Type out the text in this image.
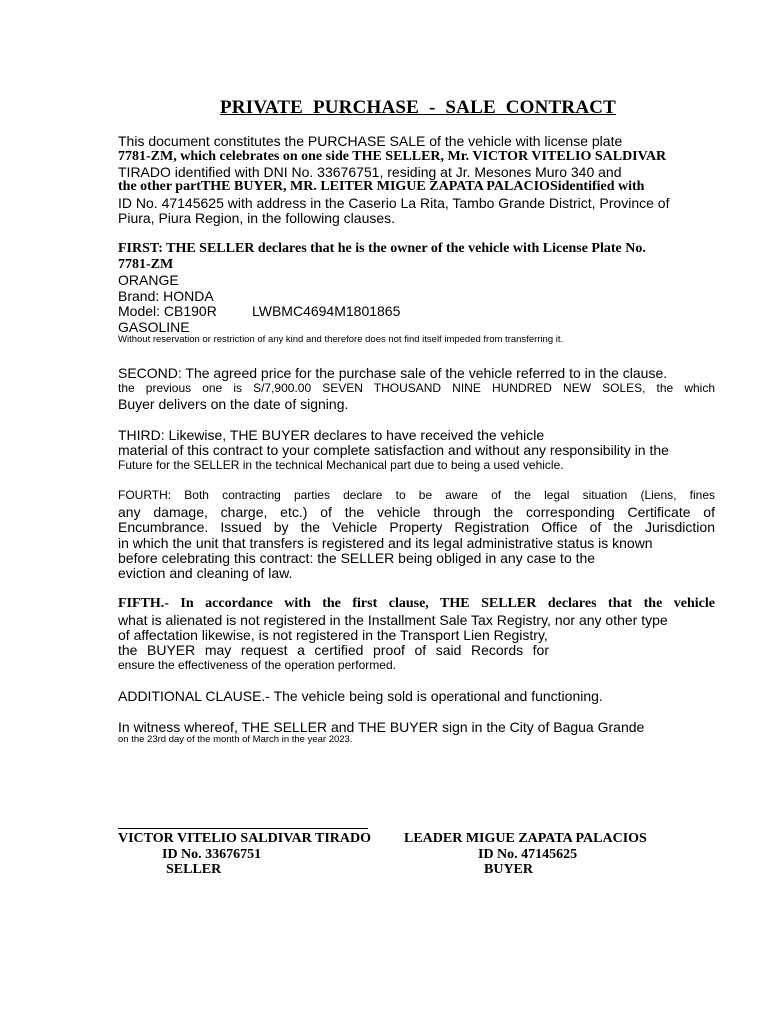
PRIVATE  PURCHASE  -  SALE  CONTRACT
This document constitutes the PURCHASE SALE of the vehicle with license plate
7781-ZM, which celebrates on one side THE SELLER, Mr. VICTOR VITELIO SALDIVAR
TIRADO identified with DNI No. 33676751, residing at Jr. Mesones Muro 340 and
the other partTHE BUYER, MR. LEITER MIGUE ZAPATA PALACIOSidentified with
ID No. 47145625 with address in the Caserio La Rita, Tambo Grande District, Province of
Piura, Piura Region, in the following clauses.
FIRST: THE SELLER declares that he is the owner of the vehicle with License Plate No.
7781-ZM
ORANGE
Brand: HONDA
Model: CB190R	LWBMC4694M1801865
GASOLINE
Without reservation or restriction of any kind and therefore does not find itself impeded from transferring it.
SECOND: The agreed price for the purchase sale of the vehicle referred to in the clause.
the previous one is S/7,900.00 SEVEN THOUSAND NINE HUNDRED NEW SOLES, the which
Buyer delivers on the date of signing.
THIRD: Likewise, THE BUYER declares to have received the vehicle
material of this contract to your complete satisfaction and without any responsibility in the
Future for the SELLER in the technical Mechanical part due to being a used vehicle.
FOURTH: Both contracting parties declare to be aware of the legal situation (Liens, fines
any damage, charge, etc.) of the vehicle through the corresponding Certificate of
Encumbrance. Issued by the Vehicle Property Registration Office of the Jurisdiction
in which the unit that transfers is registered and its legal administrative status is known
before celebrating this contract: the SELLER being obliged in any case to the
eviction and cleaning of law.
FIFTH.- In accordance with the first clause, THE SELLER declares that the vehicle
what is alienated is not registered in the Installment Sale Tax Registry, nor any other type
of affectation likewise, is not registered in the Transport Lien Registry,
the BUYER may request a certified proof of said Records for
ensure the effectiveness of the operation performed.
ADDITIONAL CLAUSE.- The vehicle being sold is operational and functioning.
In witness whereof, THE SELLER and THE BUYER sign in the City of Bagua Grande
on the 23rd day of the month of March in the year 2023.
VICTOR VITELIO SALDIVAR TIRADO
ID No. 33676751
SELLER
LEADER MIGUE ZAPATA PALACIOS
ID No. 47145625
BUYER
